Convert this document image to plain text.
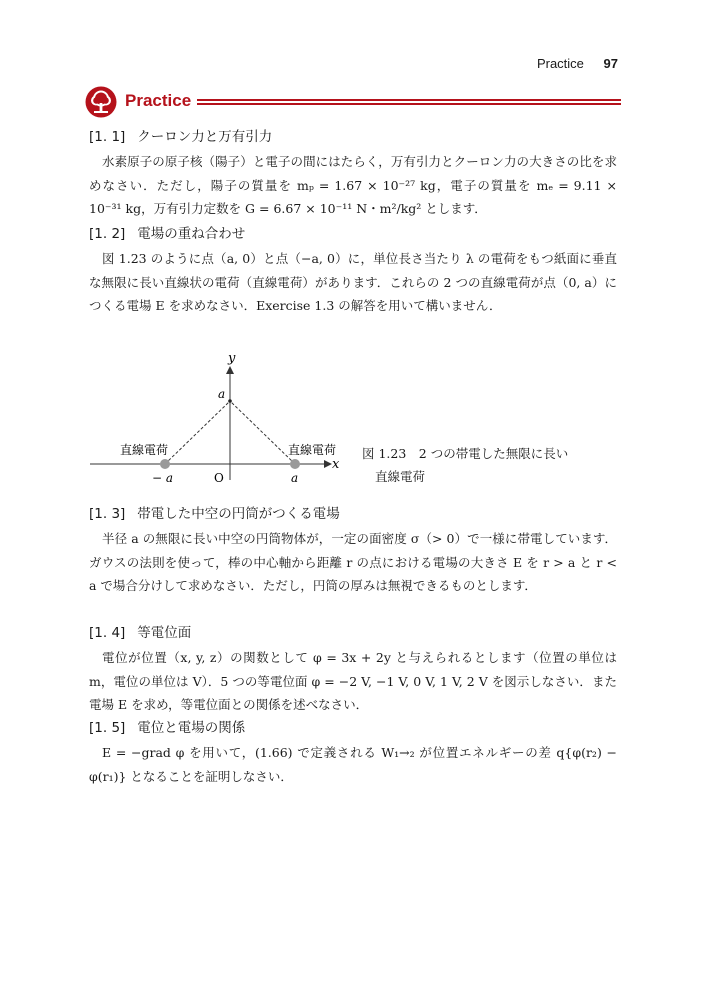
Practice 97
Practice
[1. 1] クーロン力と万有引力
水素原子の原子核（陽子）と電子の間にはたらく，万有引力とクーロン力の大きさの比を求めなさい．ただし，陽子の質量を mₚ = 1.67 × 10⁻²⁷ kg，電子の質量を mₑ = 9.11 × 10⁻³¹ kg，万有引力定数を G = 6.67 × 10⁻¹¹ N・m²/kg² とします．
[1. 2] 電場の重ね合わせ
図 1.23 のように点（a, 0）と点（−a, 0）に，単位長さ当たり λ の電荷をもつ紙面に垂直な無限に長い直線状の電荷（直線電荷）があります．これらの 2 つの直線電荷が点（0, a）につくる電場 E を求めなさい．Exercise 1.3 の解答を用いて構いません．
y
x
a
直線電荷	直線電荷
− a	O	a
図 1.23　2 つの帯電した無限に長い
直線電荷
[1. 3] 帯電した中空の円筒がつくる電場
半径 a の無限に長い中空の円筒物体が，一定の面密度 σ（> 0）で一様に帯電しています．ガウスの法則を使って，棒の中心軸から距離 r の点における電場の大きさ E を r > a と r < a で場合分けして求めなさい．ただし，円筒の厚みは無視できるものとします．
[1. 4] 等電位面
電位が位置（x, y, z）の関数として φ = 3x + 2y と与えられるとします（位置の単位は m，電位の単位は V）．5 つの等電位面 φ = −2 V, −1 V, 0 V, 1 V, 2 V を図示しなさい．また電場 E を求め，等電位面との関係を述べなさい．
[1. 5] 電位と電場の関係
E = −grad φ を用いて，(1.66) で定義される W₁→₂ が位置エネルギーの差 q{φ(r₂) − φ(r₁)} となることを証明しなさい．
